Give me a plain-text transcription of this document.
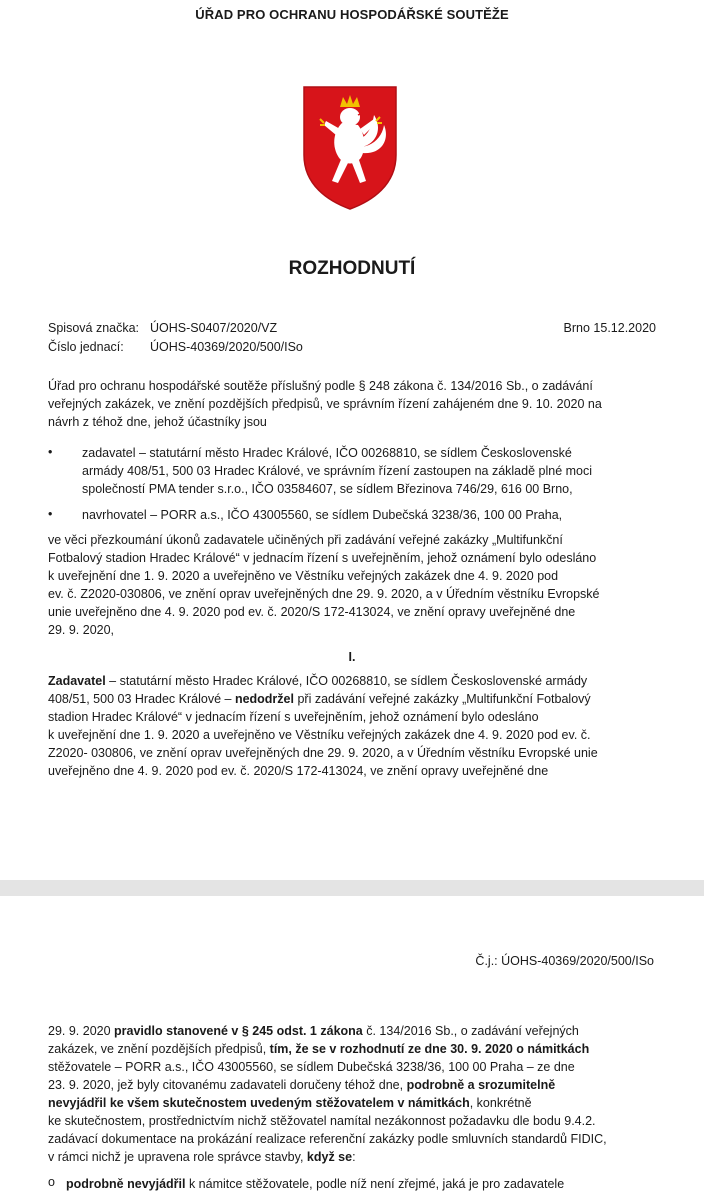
ÚŘAD PRO OCHRANU HOSPODÁŘSKÉ SOUTĚŽE
ROZHODNUTÍ
Spisová značka: ÚOHS-S0407/2020/VZ
Číslo jednací: ÚOHS-40369/2020/500/ISo
Brno 15.12.2020
Úřad pro ochranu hospodářské soutěže příslušný podle § 248 zákona č. 134/2016 Sb., o zadávání
veřejných zakázek, ve znění pozdějších předpisů, ve správním řízení zahájeném dne 9. 10. 2020 na
návrh z téhož dne, jehož účastníky jsou
• zadavatel – statutární město Hradec Králové, IČO 00268810, se sídlem Československé
armády 408/51, 500 03 Hradec Králové, ve správním řízení zastoupen na základě plné moci
společností PMA tender s.r.o., IČO 03584607, se sídlem Březinova 746/29, 616 00 Brno,
• navrhovatel – PORR a.s., IČO 43005560, se sídlem Dubečská 3238/36, 100 00 Praha,
ve věci přezkoumání úkonů zadavatele učiněných při zadávání veřejné zakázky „Multifunkční
Fotbalový stadion Hradec Králové“ v jednacím řízení s uveřejněním, jehož oznámení bylo odesláno
k uveřejnění dne 1. 9. 2020 a uveřejněno ve Věstníku veřejných zakázek dne 4. 9. 2020 pod
ev. č. Z2020-030806, ve znění oprav uveřejněných dne 29. 9. 2020, a v Úředním věstníku Evropské
unie uveřejněno dne 4. 9. 2020 pod ev. č. 2020/S 172-413024, ve znění opravy uveřejněné dne
29. 9. 2020,
I.
Zadavatel – statutární město Hradec Králové, IČO 00268810, se sídlem Československé armády
408/51, 500 03 Hradec Králové – nedodržel při zadávání veřejné zakázky „Multifunkční Fotbalový
stadion Hradec Králové“ v jednacím řízení s uveřejněním, jehož oznámení bylo odesláno
k uveřejnění dne 1. 9. 2020 a uveřejněno ve Věstníku veřejných zakázek dne 4. 9. 2020 pod ev. č.
Z2020- 030806, ve znění oprav uveřejněných dne 29. 9. 2020, a v Úředním věstníku Evropské unie
uveřejněno dne 4. 9. 2020 pod ev. č. 2020/S 172-413024, ve znění opravy uveřejněné dne
Č.j.: ÚOHS-40369/2020/500/ISo
29. 9. 2020 pravidlo stanovené v § 245 odst. 1 zákona č. 134/2016 Sb., o zadávání veřejných
zakázek, ve znění pozdějších předpisů, tím, že se v rozhodnutí ze dne 30. 9. 2020 o námitkách
stěžovatele – PORR a.s., IČO 43005560, se sídlem Dubečská 3238/36, 100 00 Praha – ze dne
23. 9. 2020, jež byly citovanému zadavateli doručeny téhož dne, podrobně a srozumitelně
nevyjádřil ke všem skutečnostem uvedeným stěžovatelem v námitkách, konkrétně
ke skutečnostem, prostřednictvím nichž stěžovatel namítal nezákonnost požadavku dle bodu 9.4.2.
zadávací dokumentace na prokázání realizace referenční zakázky podle smluvních standardů FIDIC,
v rámci nichž je upravena role správce stavby, když se:
o podrobně nevyjádřil k námitce stěžovatele, podle níž není zřejmé, jaká je pro zadavatele
